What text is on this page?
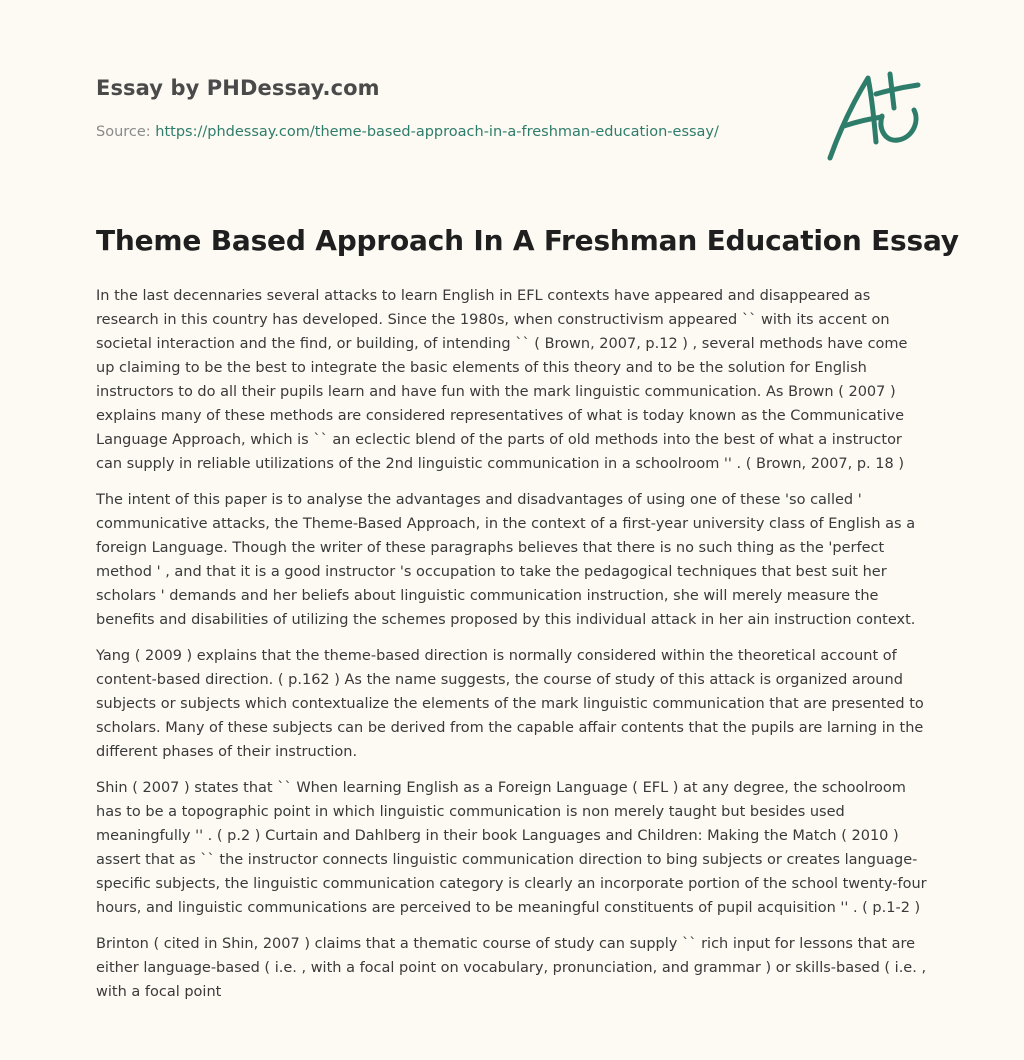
Essay by PHDessay.com

Source: https://phdessay.com/theme-based-approach-in-a-freshman-education-essay/

Theme Based Approach In A Freshman Education Essay

In the last decennaries several attacks to learn English in EFL contexts have appeared and disappeared as research in this country has developed. Since the 1980s, when constructivism appeared `` with its accent on societal interaction and the find, or building, of intending `` ( Brown, 2007, p.12 ) , several methods have come up claiming to be the best to integrate the basic elements of this theory and to be the solution for English instructors to do all their pupils learn and have fun with the mark linguistic communication. As Brown ( 2007 ) explains many of these methods are considered representatives of what is today known as the Communicative Language Approach, which is `` an eclectic blend of the parts of old methods into the best of what a instructor can supply in reliable utilizations of the 2nd linguistic communication in a schoolroom '' . ( Brown, 2007, p. 18 )

The intent of this paper is to analyse the advantages and disadvantages of using one of these 'so called ' communicative attacks, the Theme-Based Approach, in the context of a first-year university class of English as a foreign Language. Though the writer of these paragraphs believes that there is no such thing as the 'perfect method ' , and that it is a good instructor 's occupation to take the pedagogical techniques that best suit her scholars ' demands and her beliefs about linguistic communication instruction, she will merely measure the benefits and disabilities of utilizing the schemes proposed by this individual attack in her ain instruction context.

Yang ( 2009 ) explains that the theme-based direction is normally considered within the theoretical account of content-based direction. ( p.162 ) As the name suggests, the course of study of this attack is organized around subjects or subjects which contextualize the elements of the mark linguistic communication that are presented to scholars. Many of these subjects can be derived from the capable affair contents that the pupils are larning in the different phases of their instruction.

Shin ( 2007 ) states that `` When learning English as a Foreign Language ( EFL ) at any degree, the schoolroom has to be a topographic point in which linguistic communication is non merely taught but besides used meaningfully '' . ( p.2 ) Curtain and Dahlberg in their book Languages and Children: Making the Match ( 2010 ) assert that as `` the instructor connects linguistic communication direction to bing subjects or creates language-specific subjects, the linguistic communication category is clearly an incorporate portion of the school twenty-four hours, and linguistic communications are perceived to be meaningful constituents of pupil acquisition '' . ( p.1-2 )

Brinton ( cited in Shin, 2007 ) claims that a thematic course of study can supply `` rich input for lessons that are either language-based ( i.e. , with a focal point on vocabulary, pronunciation, and grammar ) or skills-based ( i.e. , with a focal point
